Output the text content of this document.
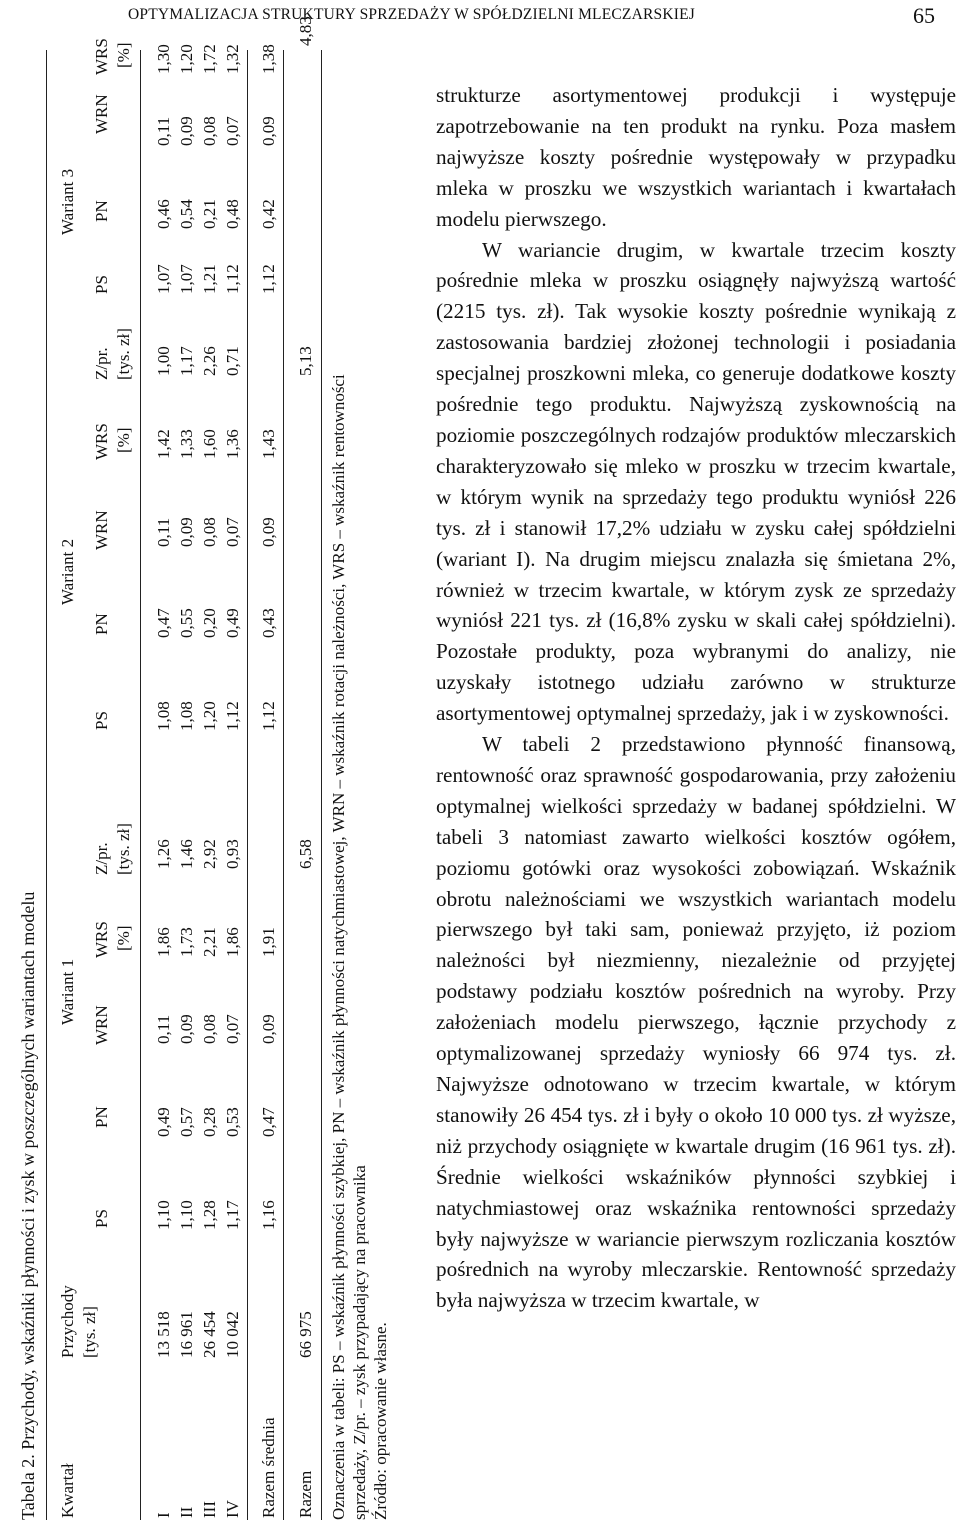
OPTYMALIZACJA STRUKTURY SPRZEDAŻY W SPÓŁDZIELNI MLECZARSKIEJ	65
Tabela 2. Przychody, wskaźniki płynności i zysk w poszczególnych wariantach modelu Kwartał
Przychody [tys. zł]
Wariant 1
Wariant 2
Wariant 3
PS
PN
WRN
WRS [%]
Z/pr. [tys. zł]
PS
PN
WRN
WRS [%]
Z/pr. [tys. zł]
PS
PN
WRN
WRS [%]
I
13 518
1,10
0,49
0,11
1,86
1,26
1,08
0,47
0,11
1,42
1,00
1,07
0,46
0,11
1,30
II
16 961
1,10
0,57
0,09
1,73
1,46
1,08
0,55
0,09
1,33
1,17
1,07
0,54
0,09
1,20
III
26 454
1,28
0,28
0,08
2,21
2,92
1,20
0,20
0,08
1,60
2,26
1,21
0,21
0,08
1,72
IV
10 042
1,17
0,53
0,07
1,86
0,93
1,12
0,49
0,07
1,36
0,71
1,12
0,48
0,07
1,32
Razem średnia
1,16
0,47
0,09
1,91
1,12
0,43
0,09
1,43
1,12
0,42
0,09
1,38
Razem
66 975
6,58
5,13
4,83
Oznaczenia w tabeli: PS – wskaźnik płynności szybkiej, PN – wskaźnik płynności natychmiastowej, WRN – wskaźnik rotacji należności, WRS – wskaźnik rentowności sprzedaży, Z/pr. – zysk przypadający na pracownika Źródło: opracowanie własne.

strukturze asortymentowej produkcji i występuje zapotrzebowanie na ten produkt na rynku. Poza masłem najwyższe koszty pośrednie występowały w przypadku mleka w proszku we wszystkich wariantach i kwartałach modelu pierwszego.

W wariancie drugim, w kwartale trzecim koszty pośrednie mleka w proszku osiągnęły najwyższą wartość (2215 tys. zł). Tak wysokie koszty pośrednie wynikają z zastosowania bardziej złożonej technologii i posiadania specjalnej proszkowni mleka, co generuje dodatkowe koszty pośrednie tego produktu. Najwyższą zyskownością na poziomie poszczególnych rodzajów produktów mleczarskich charakteryzowało się mleko w proszku w trzecim kwartale, w którym wynik na sprzedaży tego produktu wyniósł 226 tys. zł i stanowił 17,2% udziału w zysku całej spółdzielni (wariant I). Na drugim miejscu znalazła się śmietana 2%, również w trzecim kwartale, w którym zysk ze sprzedaży wyniósł 221 tys. zł (16,8% zysku w skali całej spółdzielni). Pozostałe produkty, poza wybranymi do analizy, nie uzyskały istotnego udziału zarówno w strukturze asortymentowej optymalnej sprzedaży, jak i w zyskowności.

W tabeli 2 przedstawiono płynność finansową, rentowność oraz sprawność gospodarowania, przy założeniu optymalnej wielkości sprzedaży w badanej spółdzielni. W tabeli 3 natomiast zawarto wielkości kosztów ogółem, poziomu gotówki oraz wysokości zobowiązań. Wskaźnik obrotu należnościami we wszystkich wariantach modelu pierwszego był taki sam, ponieważ przyjęto, iż poziom należności był niezmienny, niezależnie od przyjętej podstawy podziału kosztów pośrednich na wyroby. Przy założeniach modelu pierwszego, łącznie przychody z optymalizowanej sprzedaży wyniosły 66 974 tys. zł. Najwyższe odnotowano w trzecim kwartale, w którym stanowiły 26 454 tys. zł i były o około 10 000 tys. zł wyższe, niż przychody osiągnięte w kwartale drugim (16 961 tys. zł). Średnie wielkości wskaźników płynności szybkiej i natychmiastowej oraz wskaźnika rentowności sprzedaży były najwyższe w wariancie pierwszym rozliczania kosztów pośrednich na wyroby mleczarskie. Rentowność sprzedaży była najwyższa w trzecim kwartale, w
